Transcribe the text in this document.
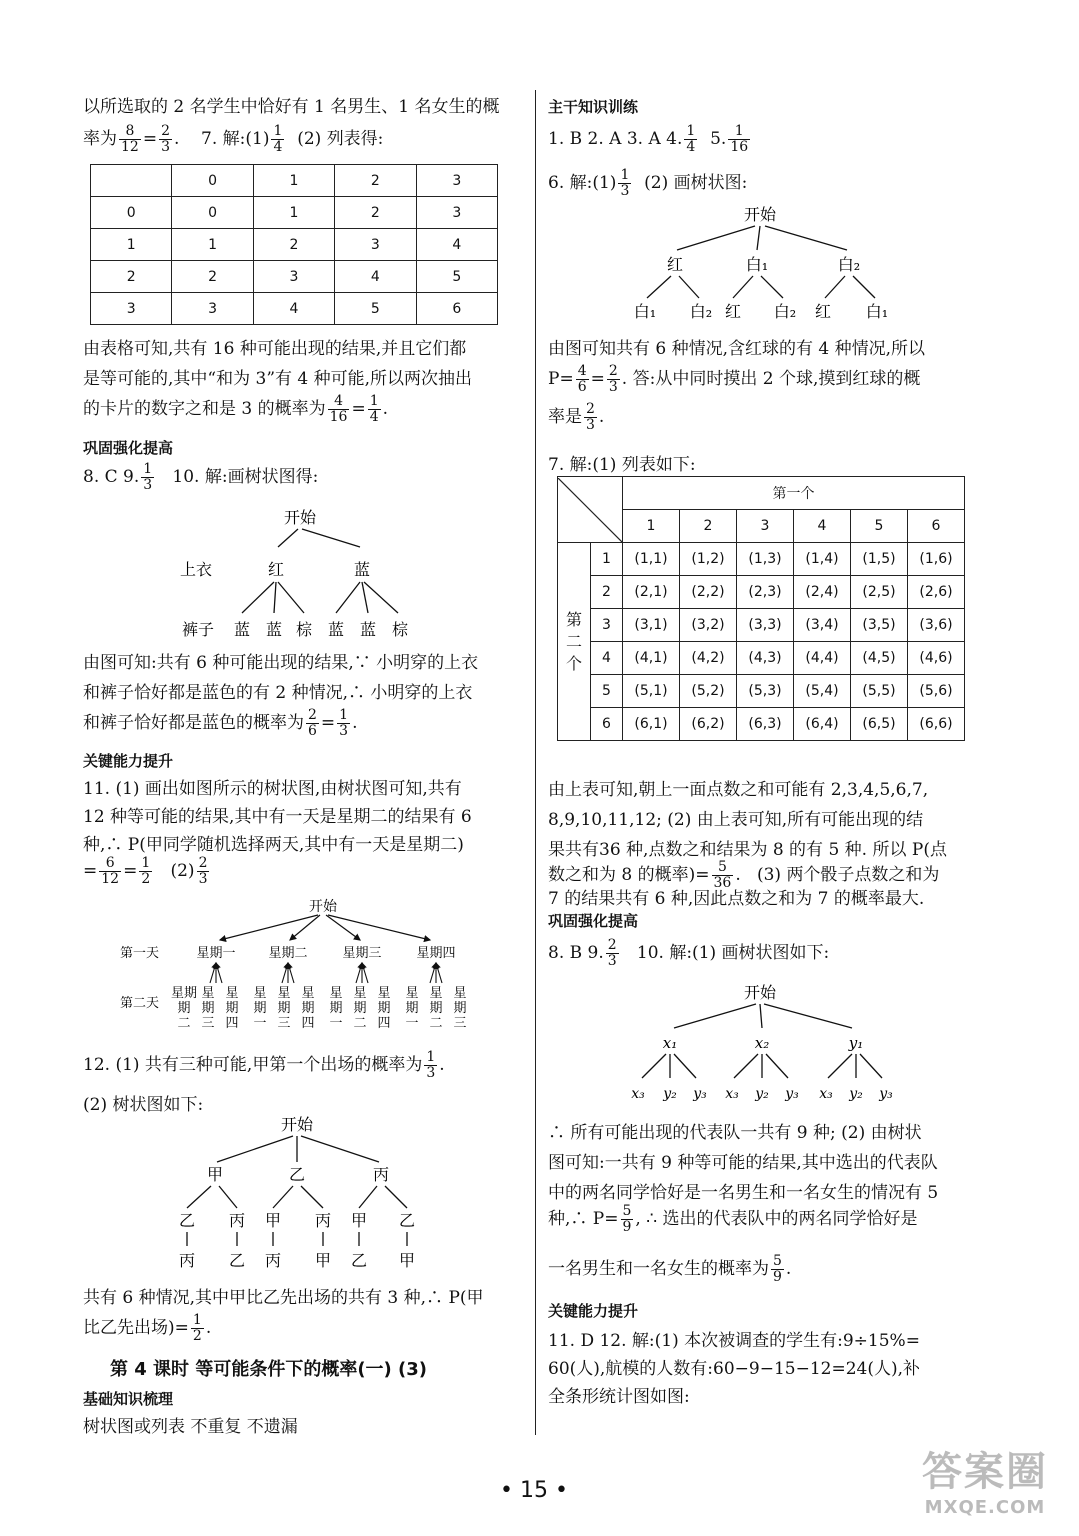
以所选取的 2 名学生中恰好有 1 名男生、1 名女生的概
率为 $\frac{8}{12} = \frac{2}{3}$ .    7. 解:(1) $\frac{1}{4} (2)$ 列表得:
	0	1	2	3
0	0	1	2	3
1	1	2	3	4
2	2	3	4	5
3	3	4	5	6
由表格可知,共有 16 种可能出现的结果,并且它们都
是等可能的,其中“和为 3”有 4 种可能,所以两次抽出
的卡片的数字之和是 3 的概率为 $\frac{4}{16} = \frac{1}{4}$ .
巩固强化提高
8. C 9. $\frac{1}{3} 10$. 解:画树状图得:
开始
上衣	红	蓝
裤子 蓝 蓝 棕 蓝 蓝 棕
由图可知:共有 6 种可能出现的结果,∵ 小明穿的上衣
和裤子恰好都是蓝色的有 2 种情况,∴ 小明穿的上衣
和裤子恰好都是蓝色的概率为 $\frac{2}{6} = \frac{1}{3}$ .
关键能力提升
11. (1) 画出如图所示的树状图,由树状图可知,共有
12 种等可能的结果,其中有一天是星期二的结果有 6
种,∴ P(甲同学随机选择两天,其中有一天是星期二)
= $\frac{6}{12} = \frac{1}{2} (2) \frac{2}{3}$
开始
第一天
第二天
星期一	星期二	星期三	星期四
星期
期
二
星
期
三
星
期
四
星
期
一
星
期
三
星
期
四
星
期
一
星
期
二
星
期
四
星
期
一
星
期
二
星
期
三
12. (1) 共有三种可能,甲第一个出场的概率为 $\frac{1}{3}$ .
(2) 树状图如下:
开始
甲	乙	丙
乙 丙 甲 丙 甲 乙
丙 乙 丙 甲 乙 甲
共有 6 种情况,其中甲比乙先出场的共有 3 种,∴ P(甲
比乙先出场)= $\frac{1}{2}$ .
第 4 课时 等可能条件下的概率(一) (3)
基础知识梳理
树状图或列表 不重复 不遗漏
主干知识训练
1. B 2. A 3. A 4. $\frac{1}{4} 5$. $\frac{1}{16}$
6. 解:(1) $\frac{1}{3} (2)$ 画树状图:
开始
红	白₁	白₂
白₁ 白₂ 红 白₂ 红 白₁
由图可知共有 6 种情况,含红球的有 4 种情况,所以
$P= \frac{4}{6} = \frac{2}{3}$ . 答:从中同时摸出 2 个球,摸到红球的概
率是 $\frac{2}{3}$ .
7. 解:(1) 列表如下:
	第一个					
	1	2	3	4	5	6
第
二
个	1	(1,1)	(1,2)	(1,3)	(1,4)	(1,5)	(1,6)
	2	(2,1)	(2,2)	(2,3)	(2,4)	(2,5)	(2,6)
	3	(3,1)	(3,2)	(3,3)	(3,4)	(3,5)	(3,6)
	4	(4,1)	(4,2)	(4,3)	(4,4)	(4,5)	(4,6)
	5	(5,1)	(5,2)	(5,3)	(5,4)	(5,5)	(5,6)
	6	(6,1)	(6,2)	(6,3)	(6,4)	(6,5)	(6,6)
由上表可知,朝上一面点数之和可能有 2,3,4,5,6,7,
8,9,10,11,12; (2) 由上表可知,所有可能出现的结
果共有36 种,点数之和结果为 8 的有 5 种. 所以 P(点
数之和为 8 的概率)= $\frac{5}{36}$ .   (3) 两个骰子点数之和为
7 的结果共有 6 种,因此点数之和为 7 的概率最大.
巩固强化提高
8. B 9. $\frac{2}{3} 10$. 解:(1) 画树状图如下:
开始
x₁	x₂	y₁
x₃ y₂ y₃ x₃ y₂ y₃ x₃ y₂ y₃
∴ 所有可能出现的代表队一共有 9 种; (2) 由树状
图可知:一共有 9 种等可能的结果,其中选出的代表队
中的两名同学恰好是一名男生和一名女生的情况有 5
种,∴ $P= \frac{5}{9}$ , ∴ 选出的代表队中的两名同学恰好是
一名男生和一名女生的概率为 $\frac{5}{9}$ .
关键能力提升
11. D 12. 解:(1) 本次被调查的学生有:9÷15%=
60(人),航模的人数有:60−9−15−12=24(人),补
全条形统计图如图:
• 15 •	答案圈
MXQE.COM
